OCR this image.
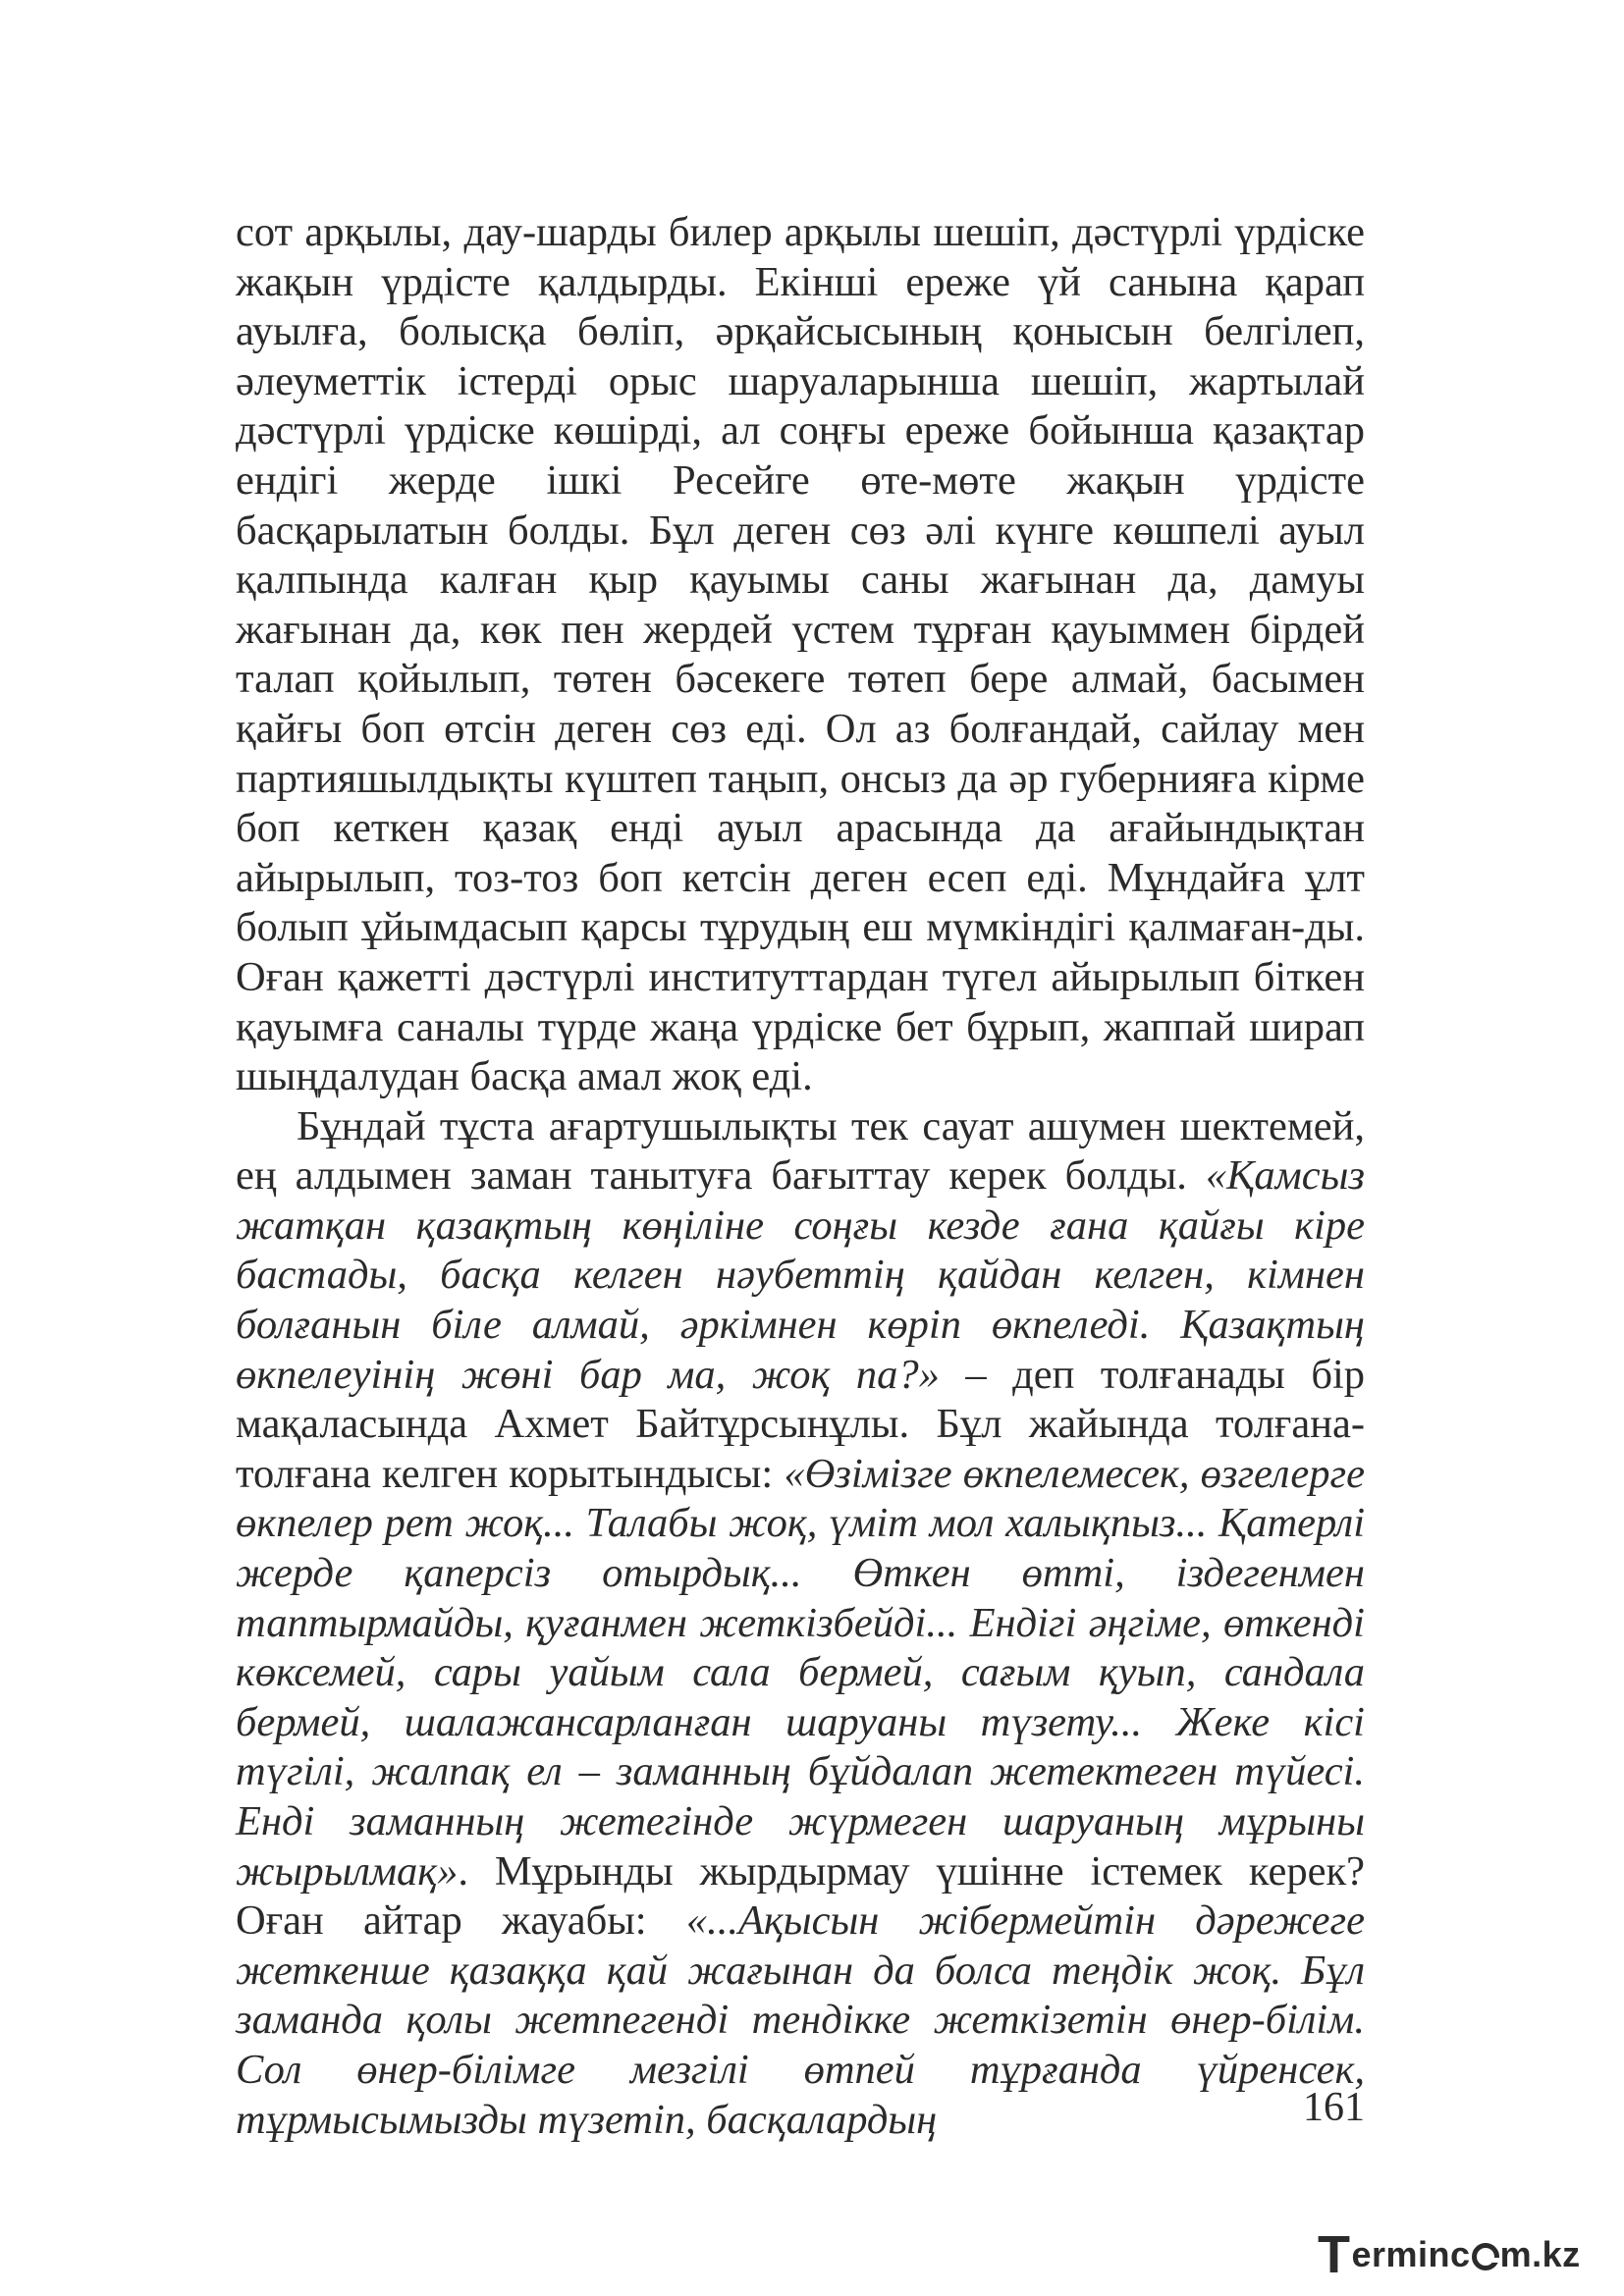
сот арқылы, дау-шарды билер арқылы шешіп, дәстүрлі үрдіске жақын үрдісте қалдырды. Екінші ереже үй санына қарап ауылға, болысқа бөліп, әрқайсысының қонысын белгілеп, әлеуметтік істерді орыс шаруаларынша шешіп, жартылай дәстүрлі үрдіске көшірді, ал соңғы ереже бойынша қазақтар ендігі жерде ішкі Ресейге өте-мөте жақын үрдісте басқарылатын болды. Бұл деген сөз әлі күнге көшпелі ауыл қалпында калған қыр қауымы саны жағынан да, дамуы жағынан да, көк пен жердей үстем тұрған қауыммен бірдей талап қойылып, төтен бәсекеге төтеп бере алмай, басымен қайғы боп өтсін деген сөз еді. Ол аз болғандай, сайлау мен партияшылдықты күштеп таңып, онсыз да әр губернияға кірме боп кеткен қазақ енді ауыл арасында да ағайындықтан айырылып, тоз-тоз боп кетсін деген есеп еді. Мұндайға ұлт болып ұйымдасып қарсы тұрудың еш мүмкіндігі қалмаған-ды. Оған қажетті дәстүрлі институттардан түгел айырылып біткен қауымға саналы түрде жаңа үрдіске бет бұрып, жаппай ширап шыңдалудан басқа амал жоқ еді.

Бұндай тұста ағартушылықты тек сауат ашумен шектемей, ең алдымен заман танытуға бағыттау керек болды. «Қамсыз жатқан қазақтың көңіліне соңғы кезде ғана қайғы кіре бастады, басқа келген нәубеттің қайдан келген, кімнен болғанын біле алмай, әркімнен көріп өкпеледі. Қазақтың өкпелеуінің жөні бар ма, жоқ па?» – деп толғанады бір мақаласында Ахмет Байтұрсынұлы. Бұл жайында толғана-толғана келген корытындысы: «Өзімізге өкпелемесек, өзгелерге өкпелер рет жоқ... Талабы жоқ, үміт мол халықпыз... Қатерлі жерде қаперсіз отырдық... Өткен өтті, іздегенмен таптырмайды, қуғанмен жеткізбейді... Ендігі әңгіме, өткенді көксемей, сары уайым сала бермей, сағым қуып, сандала бермей, шалажансарланған шаруаны түзету... Жеке кісі түгілі, жалпақ ел – заманның бұйдалап жетектеген түйесі. Енді заманның жетегінде жүрмеген шаруаның мұрыны жырылмақ». Мұрынды жырдырмау үшінне істемек керек? Оған айтар жауабы: «...Ақысын жібермейтін дәрежеге жеткенше қазаққа қай жағынан да болса теңдік жоқ. Бұл заманда қолы жетпегенді тендікке жеткізетін өнер-білім. Сол өнер-білімге мезгілі өтпей тұрғанда үйренсек, тұрмысымызды түзетіп, басқалардың	161
T erminc m.kz
